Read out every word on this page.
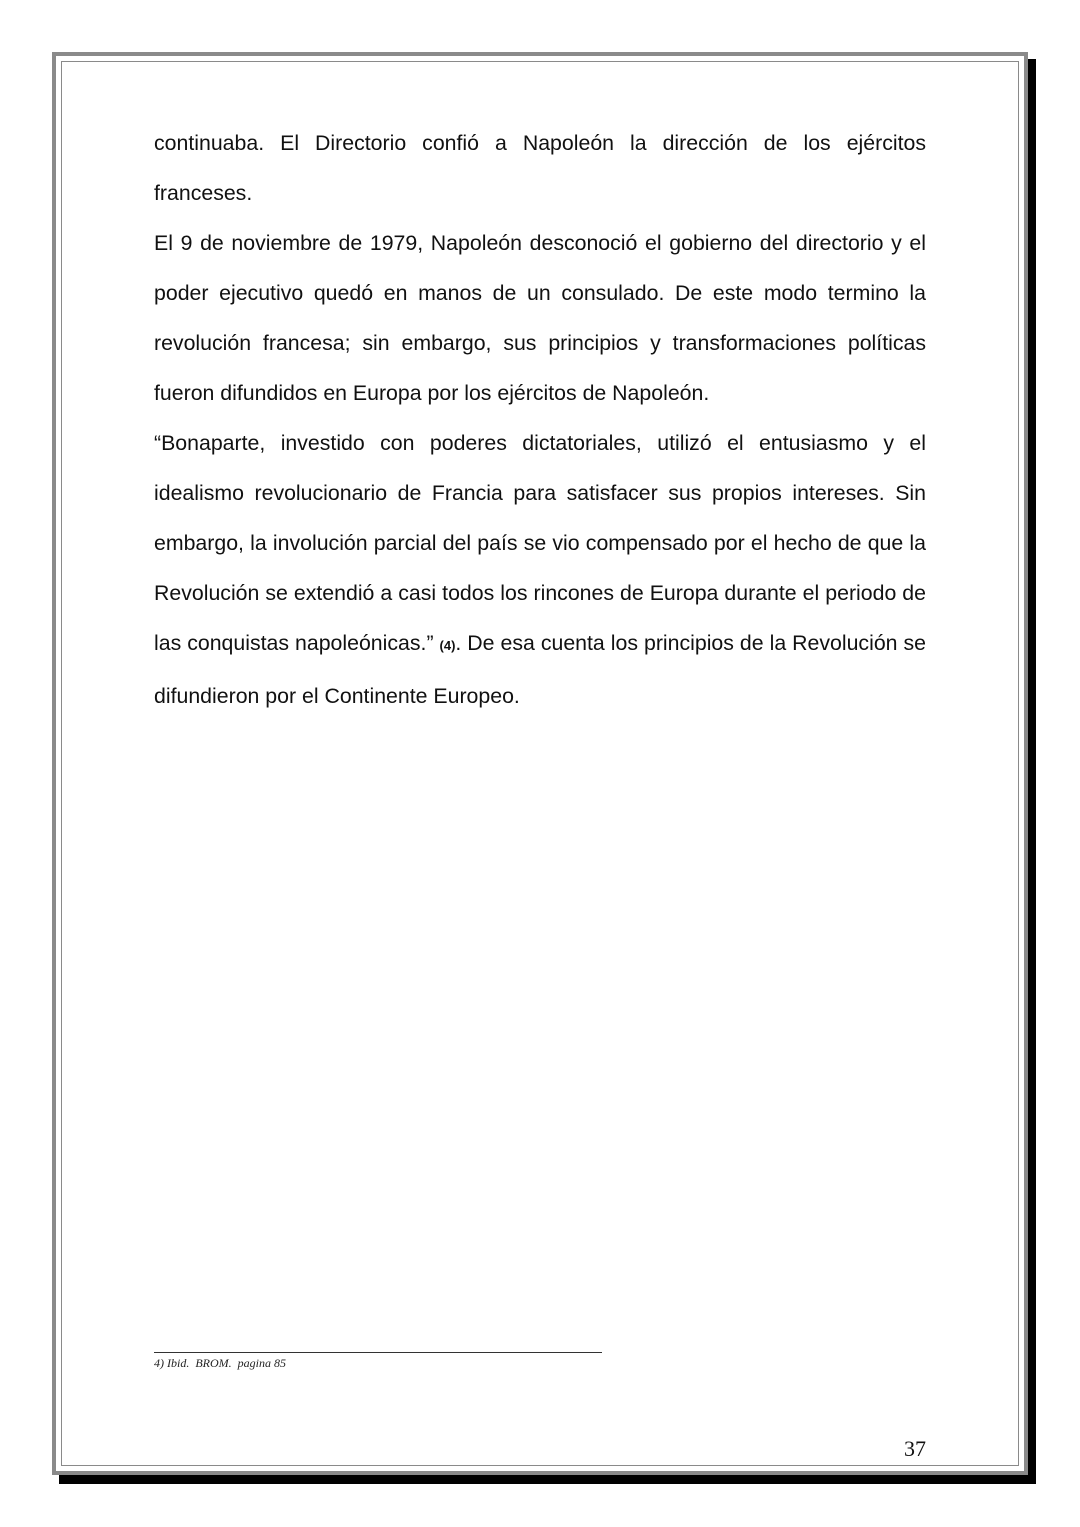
continuaba. El Directorio confió a Napoleón la dirección de los ejércitos franceses.

El 9 de noviembre de 1979, Napoleón desconoció el gobierno del directorio y el poder ejecutivo quedó en manos de un consulado. De este modo termino la revolución francesa; sin embargo, sus principios y transformaciones políticas fueron difundidos en Europa por los ejércitos de Napoleón.

“Bonaparte, investido con poderes dictatoriales, utilizó el entusiasmo y el idealismo revolucionario de Francia para satisfacer sus propios intereses. Sin embargo, la involución parcial del país se vio compensado por el hecho de que la Revolución se extendió a casi todos los rincones de Europa durante el periodo de las conquistas napoleónicas.” (4). De esa cuenta los principios de la Revolución se difundieron por el Continente Europeo.

4) Ibid.  BROM.  pagina 85
37
